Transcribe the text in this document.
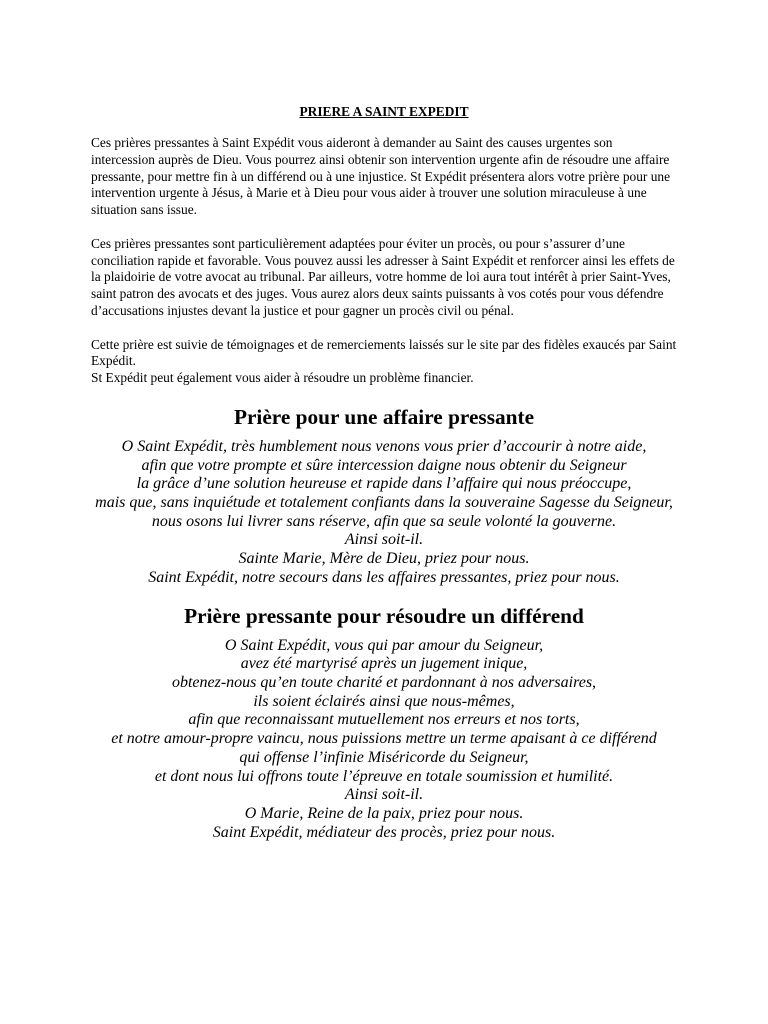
PRIERE A SAINT EXPEDIT

Ces prières pressantes à Saint Expédit vous aideront à demander au Saint des causes urgentes son intercession auprès de Dieu. Vous pourrez ainsi obtenir son intervention urgente afin de résoudre une affaire pressante, pour mettre fin à un différend ou à une injustice. St Expédit présentera alors votre prière pour une intervention urgente à Jésus, à Marie et à Dieu pour vous aider à trouver une solution miraculeuse à une situation sans issue.

Ces prières pressantes sont particulièrement adaptées pour éviter un procès, ou pour s’assurer d’une conciliation rapide et favorable. Vous pouvez aussi les adresser à Saint Expédit et renforcer ainsi les effets de la plaidoirie de votre avocat au tribunal. Par ailleurs, votre homme de loi aura tout intérêt à prier Saint-Yves, saint patron des avocats et des juges. Vous aurez alors deux saints puissants à vos cotés pour vous défendre d’accusations injustes devant la justice et pour gagner un procès civil ou pénal.

Cette prière est suivie de témoignages et de remerciements laissés sur le site par des fidèles exaucés par Saint Expédit.

St Expédit peut également vous aider à résoudre un problème financier.

Prière pour une affaire pressante
O Saint Expédit, très humblement nous venons vous prier d’accourir à notre aide,
afin que votre prompte et sûre intercession daigne nous obtenir du Seigneur
la grâce d’une solution heureuse et rapide dans l’affaire qui nous préoccupe,
mais que, sans inquiétude et totalement confiants dans la souveraine Sagesse du Seigneur,
nous osons lui livrer sans réserve, afin que sa seule volonté la gouverne.
Ainsi soit-il.
Sainte Marie, Mère de Dieu, priez pour nous.
Saint Expédit, notre secours dans les affaires pressantes, priez pour nous.
Prière pressante pour résoudre un différend
O Saint Expédit, vous qui par amour du Seigneur,
avez été martyrisé après un jugement inique,
obtenez-nous qu’en toute charité et pardonnant à nos adversaires,
ils soient éclairés ainsi que nous-mêmes,
afin que reconnaissant mutuellement nos erreurs et nos torts,
et notre amour-propre vaincu, nous puissions mettre un terme apaisant à ce différend
qui offense l’infinie Miséricorde du Seigneur,
et dont nous lui offrons toute l’épreuve en totale soumission et humilité.
Ainsi soit-il.
O Marie, Reine de la paix, priez pour nous.
Saint Expédit, médiateur des procès, priez pour nous.
